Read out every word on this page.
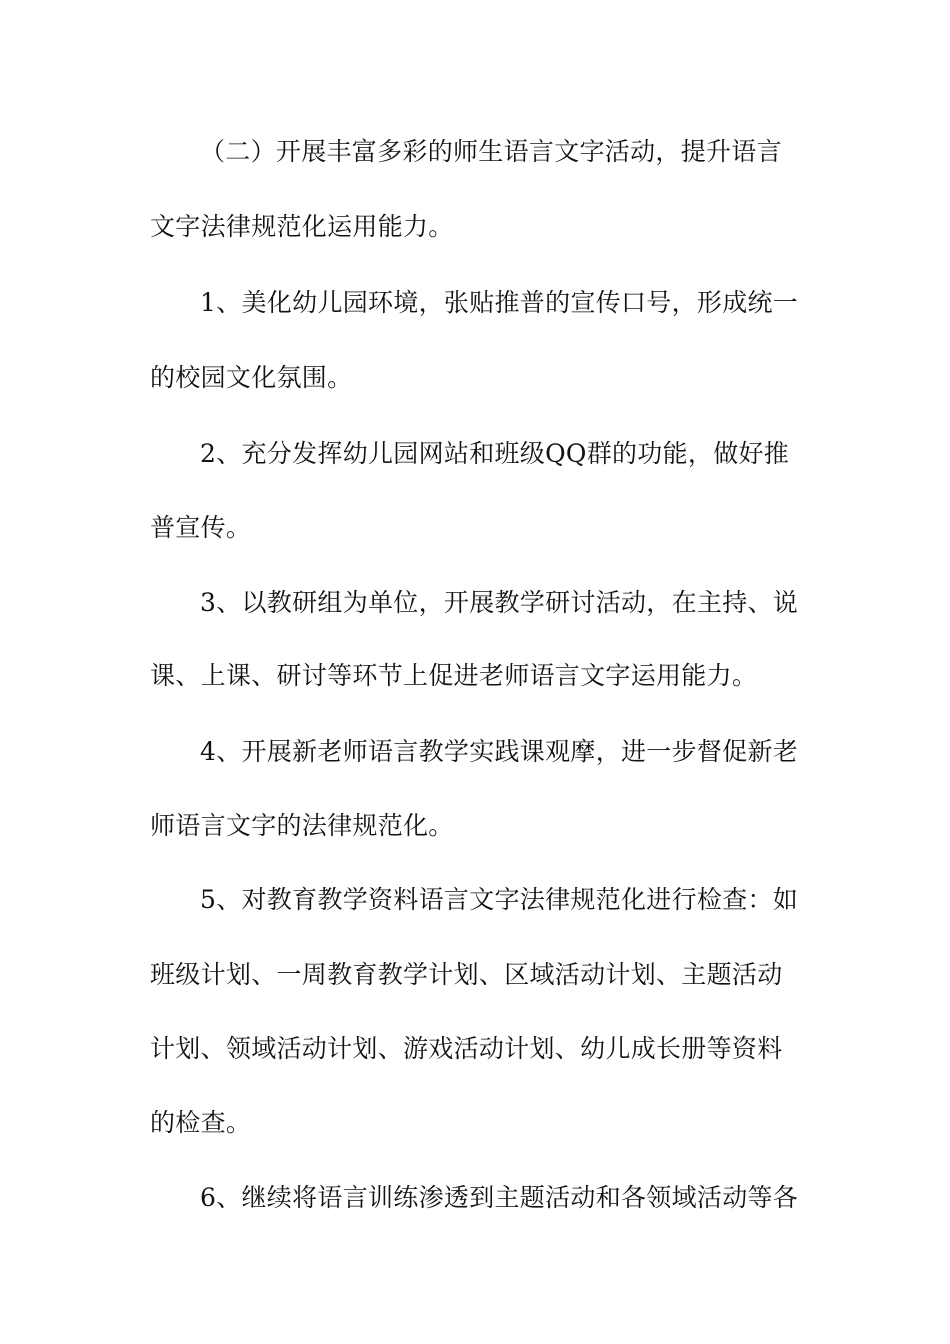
（二）开展丰富多彩的师生语言文字活动，提升语言
文字法律规范化运用能力。
1、美化幼儿园环境，张贴推普的宣传口号，形成统一
的校园文化氛围。
2、充分发挥幼儿园网站和班级QQ群的功能，做好推
普宣传。
3、以教研组为单位，开展教学研讨活动，在主持、说
课、上课、研讨等环节上促进老师语言文字运用能力。
4、开展新老师语言教学实践课观摩，进一步督促新老
师语言文字的法律规范化。
5、对教育教学资料语言文字法律规范化进行检查：如
班级计划、一周教育教学计划、区域活动计划、主题活动
计划、领域活动计划、游戏活动计划、幼儿成长册等资料
的检查。
6、继续将语言训练渗透到主题活动和各领域活动等各
